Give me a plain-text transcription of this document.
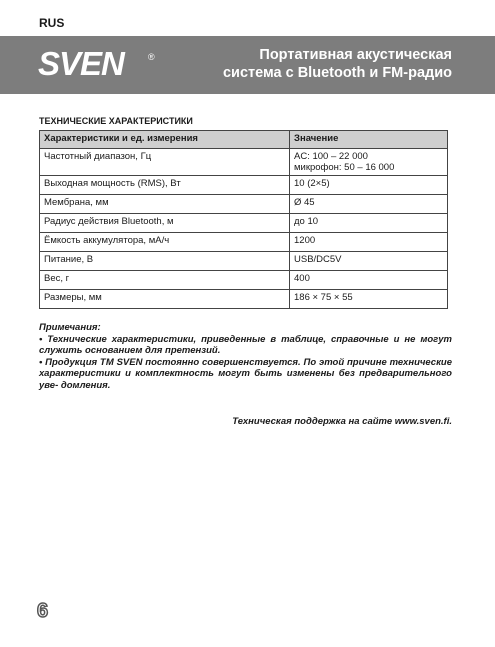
RUS
SVEN	®	Портативная акустическая
система с Bluetooth и FM-радио
ТЕХНИЧЕСКИЕ ХАРАКТЕРИСТИКИ
Характеристики и ед. измерения	Значение
Частотный диапазон, Гц	AC: 100 – 22 000
микрофон: 50 – 16 000

Выходная мощность (RMS), Вт	10 (2×5)
Мембрана, мм	Ø 45
Радиус действия Bluetooth, м	до 10
Ёмкость аккумулятора, мА/ч	1200
Питание, В	USB/DC5V
Вес, г	400
Размеры, мм	186 × 75 × 55

Примечания:

• Технические характеристики, приведенные в таблице, справочные и не могут служить основанием для претензий.

• Продукция ТМ SVEN постоянно совершенствуется. По этой причине технические характеристики и комплектность могут быть изменены без предварительного уве- домления.

Техническая поддержка на сайте www.sven.fi.
6
